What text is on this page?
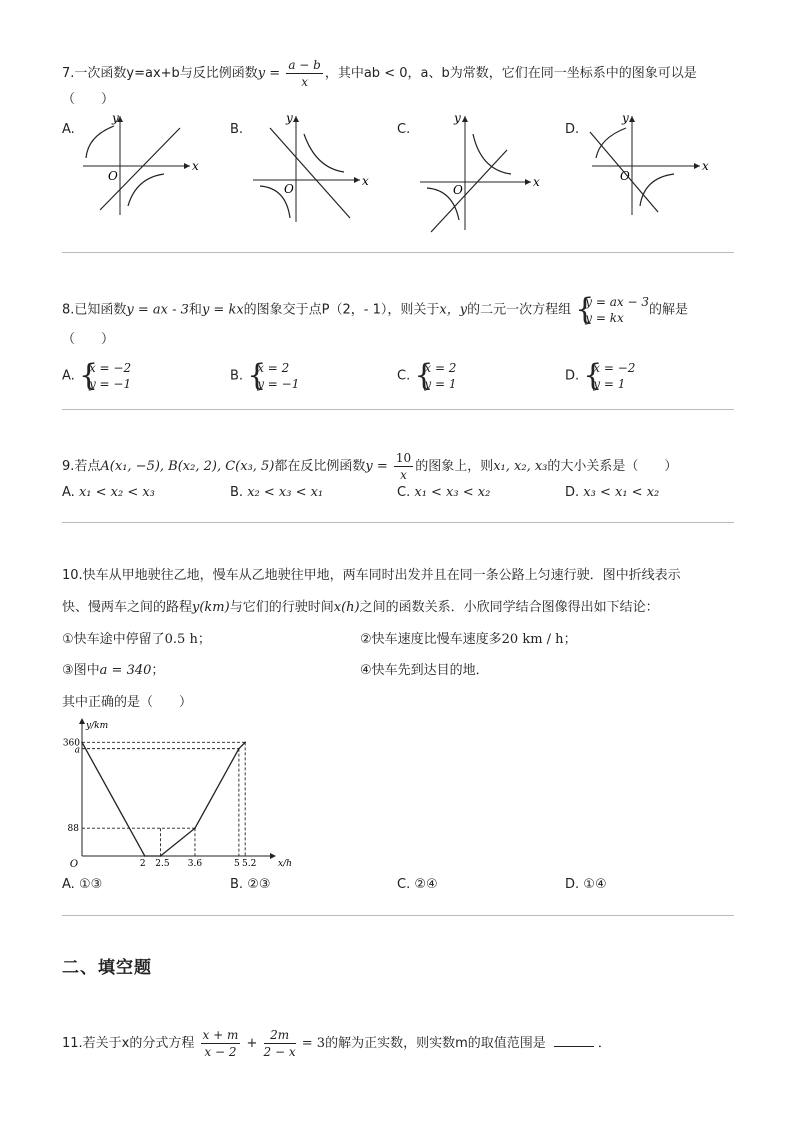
7.一次函数y=ax+b与反比例函数$y = \frac{a - b}{x}$ ，其中ab < 0，a、b为常数，它们在同一坐标系中的图象可以是
（　　）
A.	B.	C.	D.
x
y
O	x
y
O	x
y
O
x
y
O
8.已知函数y = ax - 3和y = kx的图象交于点P（2，- 1），则关于x，y的二元一次方程组 {
y = ax − 3
y = kx
的解是
（　　）
A. {
x = −2
y = −1
B. {
x = 2
y = −1
C. {
x = 2
y = 1
D. {
x = −2
y = 1
9.若点A(x₁, −5), B(x₂, 2), C(x₃, 5)都在反比例函数$y = \frac{10}{x}$ 的图象上，则x₁, x₂, x₃的大小关系是（　　）
A. x₁ < x₂ < x₃	B. x₂ < x₃ < x₁	C. x₁ < x₃ < x₂	D. x₃ < x₁ < x₂
10.快车从甲地驶往乙地，慢车从乙地驶往甲地，两车同时出发并且在同一条公路上匀速行驶．图中折线表示
快、慢两车之间的路程y(km)与它们的行驶时间x(h)之间的函数关系．小欣同学结合图像得出如下结论：
①快车途中停留了0.5 h；	②快车速度比慢车速度多20 km / h；
③图中a = 340；	④快车先到达目的地．
其中正确的是（　　）
y/km
x/h
O
360
a
88
2 2.5 3.6	5 5.2
A. ①③	B. ②③	C. ②④	D. ①④
二、填空题
11.若关于x的分式方程 $\frac{x + m}{x - 2} + \frac{2m}{2 - x} = 3$的解为正实数，则实数m的取值范围是	．
